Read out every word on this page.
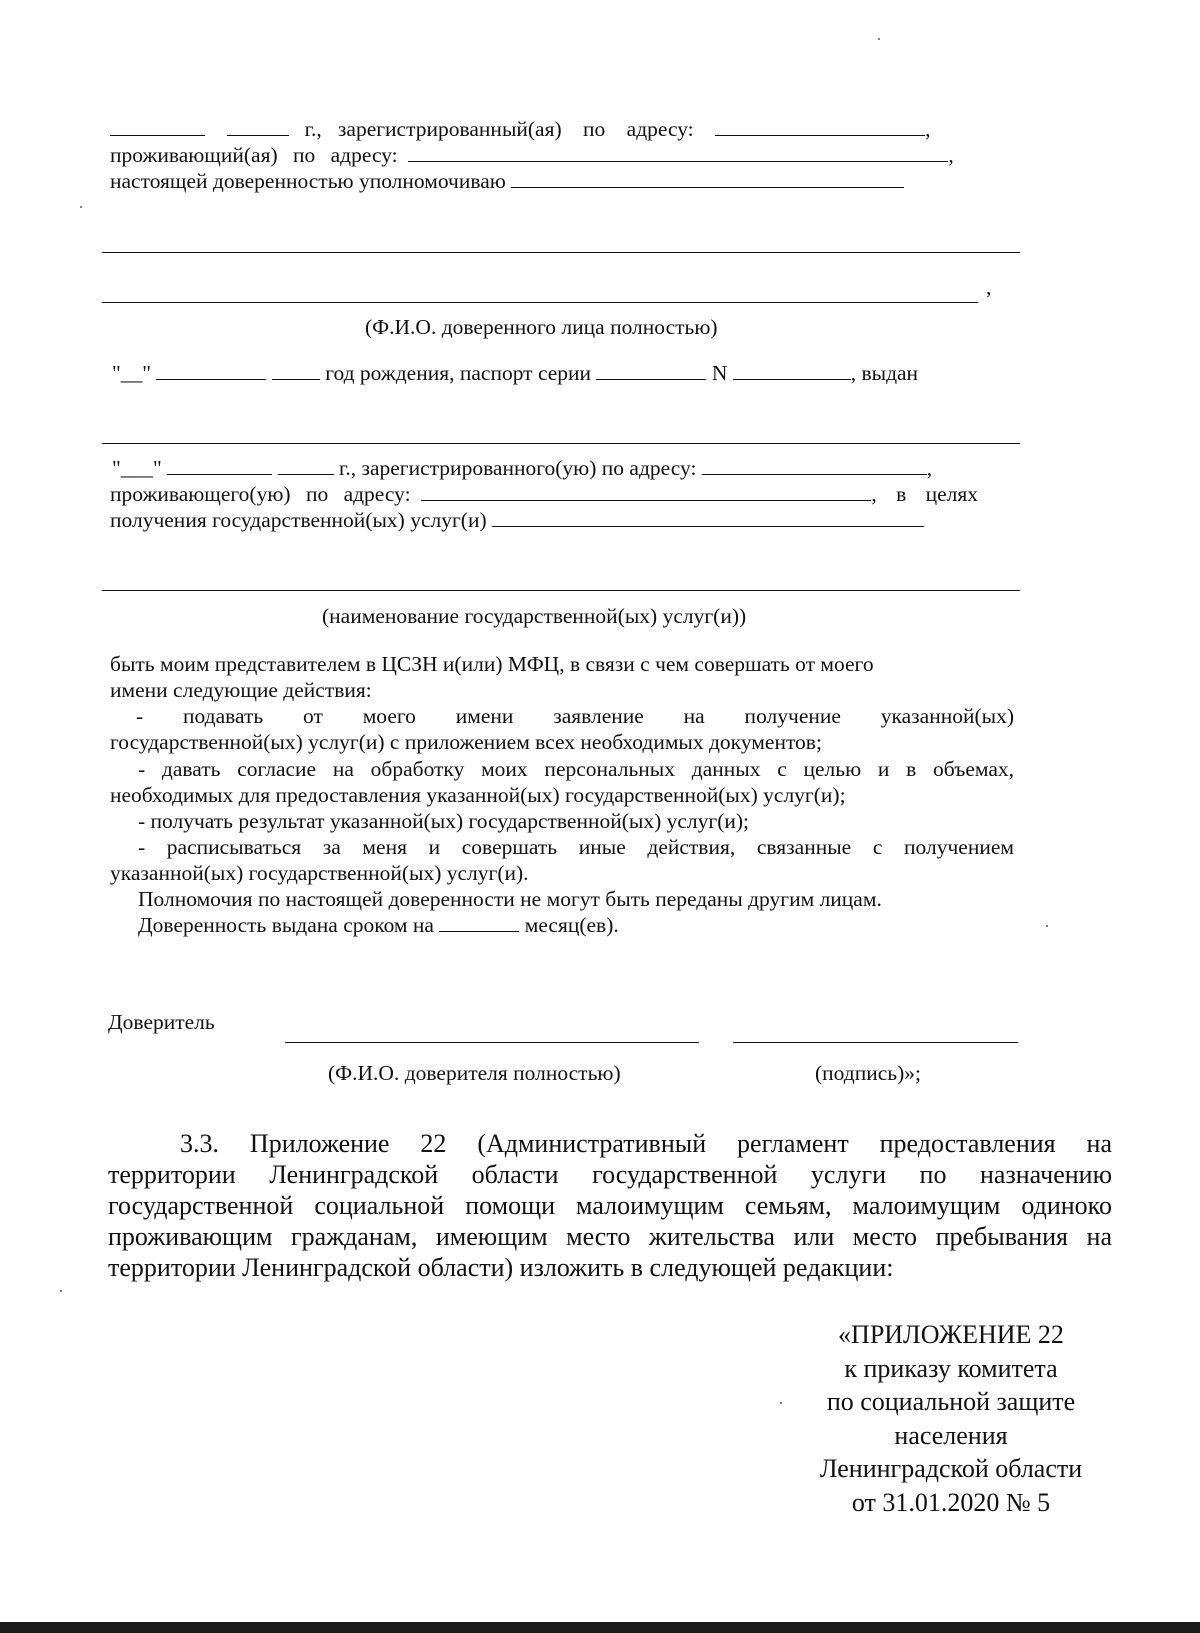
г., зарегистрированный(ая) по адресу:	,
проживающий(ая) по адресу:	,
настоящей доверенностью уполномочиваю
,
(Ф.И.О. доверенного лица полностью)
"__"	год рождения, паспорт серии	N	, выдан
"___"	г., зарегистрированного(ую) по адресу:	,
проживающего(ую) по адресу:	, в целях
получения государственной(ых) услуг(и)
(наименование государственной(ых) услуг(и))
быть моим представителем в ЦСЗН и(или) МФЦ, в связи с чем совершать от моего
имени следующие действия:
- подавать от моего имени заявление на получение указанной(ых)
государственной(ых) услуг(и) с приложением всех необходимых документов;
- давать согласие на обработку моих персональных данных с целью и в объемах,
необходимых для предоставления указанной(ых) государственной(ых) услуг(и);
- получать результат указанной(ых) государственной(ых) услуг(и);
- расписываться за меня и совершать иные действия, связанные с получением
указанной(ых) государственной(ых) услуг(и).
Полномочия по настоящей доверенности не могут быть переданы другим лицам.
Доверенность выдана сроком на	месяц(ев).
Доверитель
(Ф.И.О. доверителя полностью)	(подпись)»;
3.3. Приложение 22 (Административный регламент предоставления на
территории Ленинградской области государственной услуги по назначению
государственной социальной помощи малоимущим семьям, малоимущим одиноко
проживающим гражданам, имеющим место жительства или место пребывания на
территории Ленинградской области) изложить в следующей редакции:
«ПРИЛОЖЕНИЕ 22
к приказу комитета
по социальной защите
населения
Ленинградской области
от 31.01.2020 № 5
